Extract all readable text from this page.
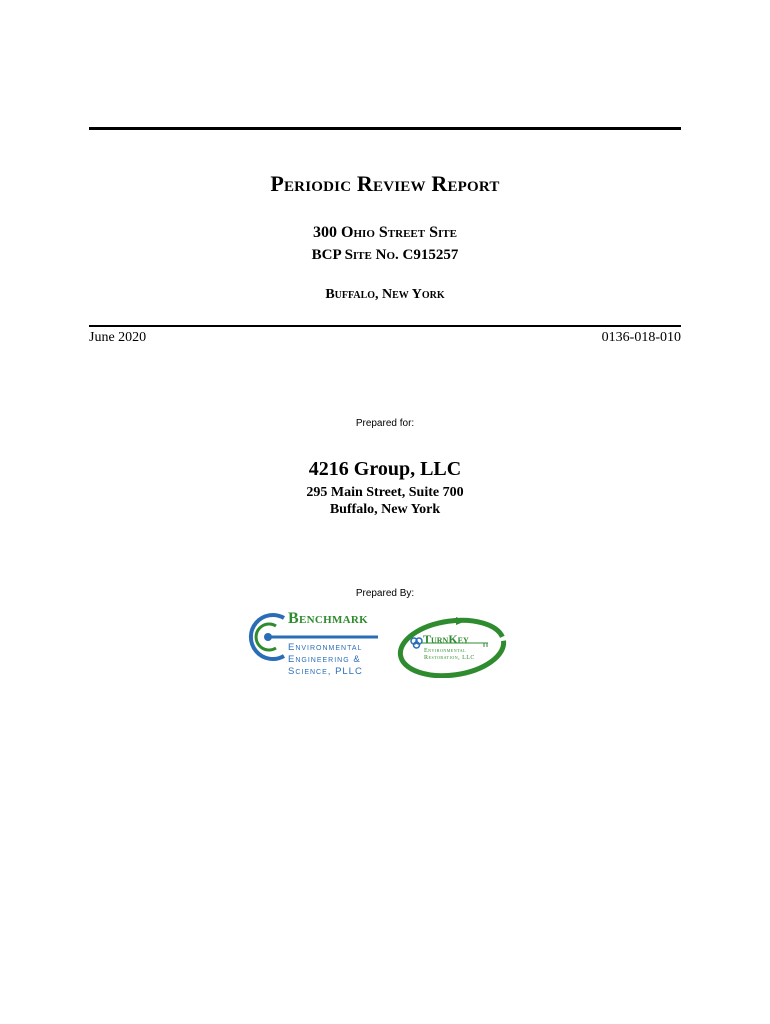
Periodic Review Report
300 Ohio Street Site
BCP Site No. C915257
Buffalo, New York
June 2020	0136-018-010
Prepared for:
4216 Group, LLC
295 Main Street, Suite 700
Buffalo, New York
Prepared By:
Benchmark
Environmental
Engineering &
Science, PLLC
TurnKey
Environmental
Restoration, LLC
